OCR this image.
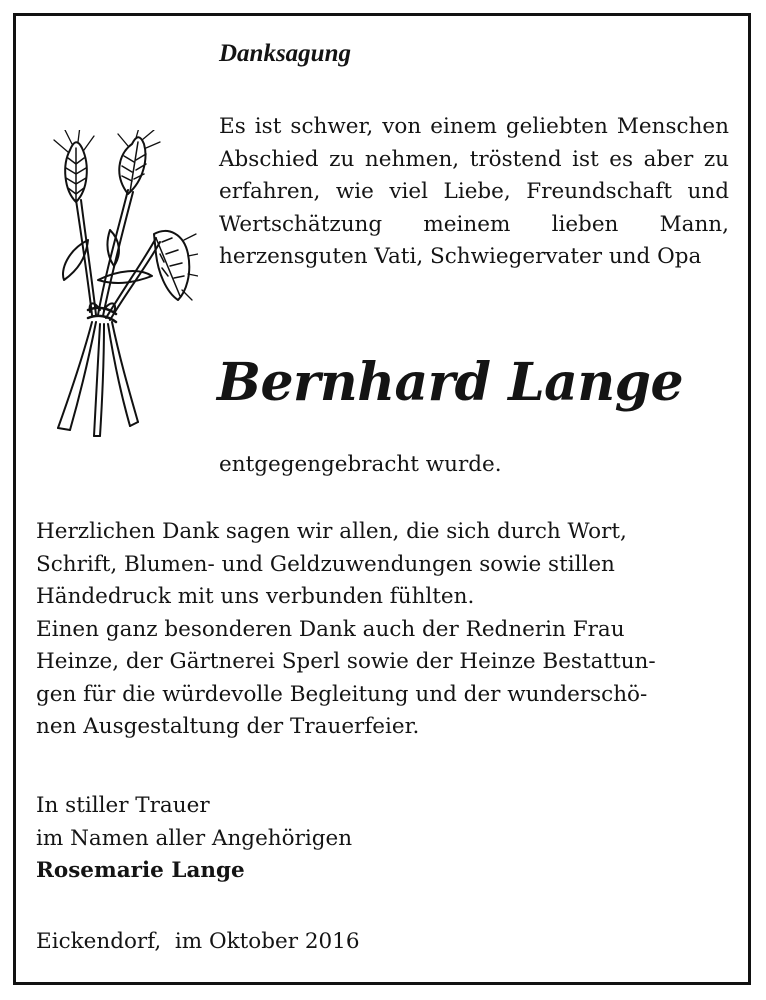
Danksagung

Es ist schwer, von einem geliebten Menschen Abschied zu nehmen, tröstend ist es aber zu erfahren, wie viel Liebe, Freundschaft und Wertschätzung meinem lieben Mann, herzensguten Vati, Schwiegervater und Opa

Bernhard Lange

entgegengebracht wurde.

Herzlichen Dank sagen wir allen, die sich durch Wort,
Schrift, Blumen- und Geldzuwendungen sowie stillen
Händedruck mit uns verbunden fühlten.
Einen ganz besonderen Dank auch der Rednerin Frau
Heinze, der Gärtnerei Sperl sowie der Heinze Bestattun-
gen für die würdevolle Begleitung und der wunderschö-
nen Ausgestaltung der Trauerfeier.

In stiller Trauer
im Namen aller Angehörigen
Rosemarie Lange

Eickendorf,  im Oktober 2016
